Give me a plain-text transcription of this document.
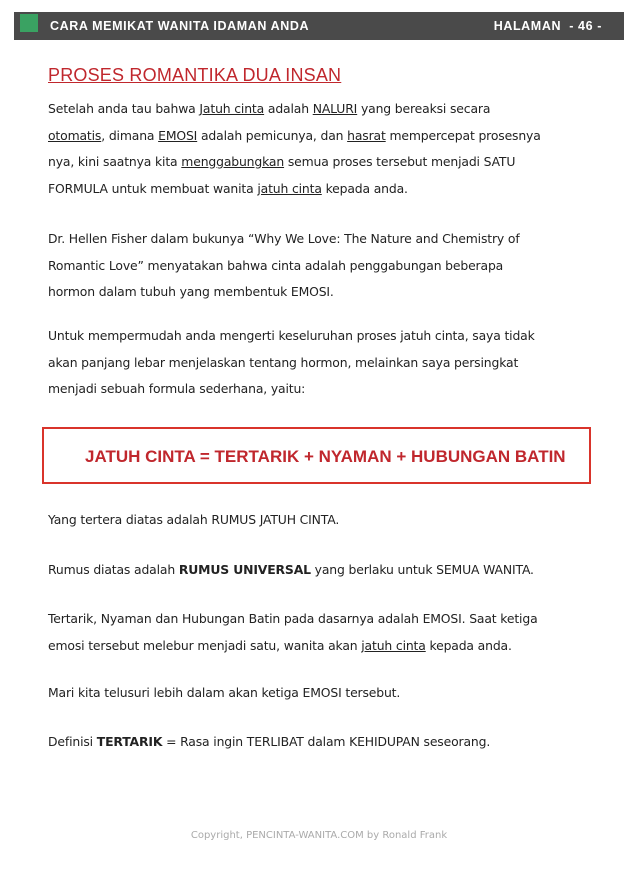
CARA MEMIKAT WANITA IDAMAN ANDA	HALAMAN  - 46 -
PROSES ROMANTIKA DUA INSAN
Setelah anda tau bahwa Jatuh cinta adalah NALURI yang bereaksi secara
otomatis, dimana EMOSI adalah pemicunya, dan hasrat mempercepat prosesnya
nya, kini saatnya kita menggabungkan semua proses tersebut menjadi SATU
FORMULA untuk membuat wanita jatuh cinta kepada anda.
Dr. Hellen Fisher dalam bukunya “Why We Love: The Nature and Chemistry of
Romantic Love” menyatakan bahwa cinta adalah penggabungan beberapa
hormon dalam tubuh yang membentuk EMOSI.
Untuk mempermudah anda mengerti keseluruhan proses jatuh cinta, saya tidak
akan panjang lebar menjelaskan tentang hormon, melainkan saya persingkat
menjadi sebuah formula sederhana, yaitu:
JATUH CINTA = TERTARIK + NYAMAN + HUBUNGAN BATIN
Yang tertera diatas adalah RUMUS JATUH CINTA.
Rumus diatas adalah RUMUS UNIVERSAL yang berlaku untuk SEMUA WANITA.
Tertarik, Nyaman dan Hubungan Batin pada dasarnya adalah EMOSI. Saat ketiga
emosi tersebut melebur menjadi satu, wanita akan jatuh cinta kepada anda.
Mari kita telusuri lebih dalam akan ketiga EMOSI tersebut.
Definisi TERTARIK = Rasa ingin TERLIBAT dalam KEHIDUPAN seseorang.
Copyright, PENCINTA-WANITA.COM by Ronald Frank
